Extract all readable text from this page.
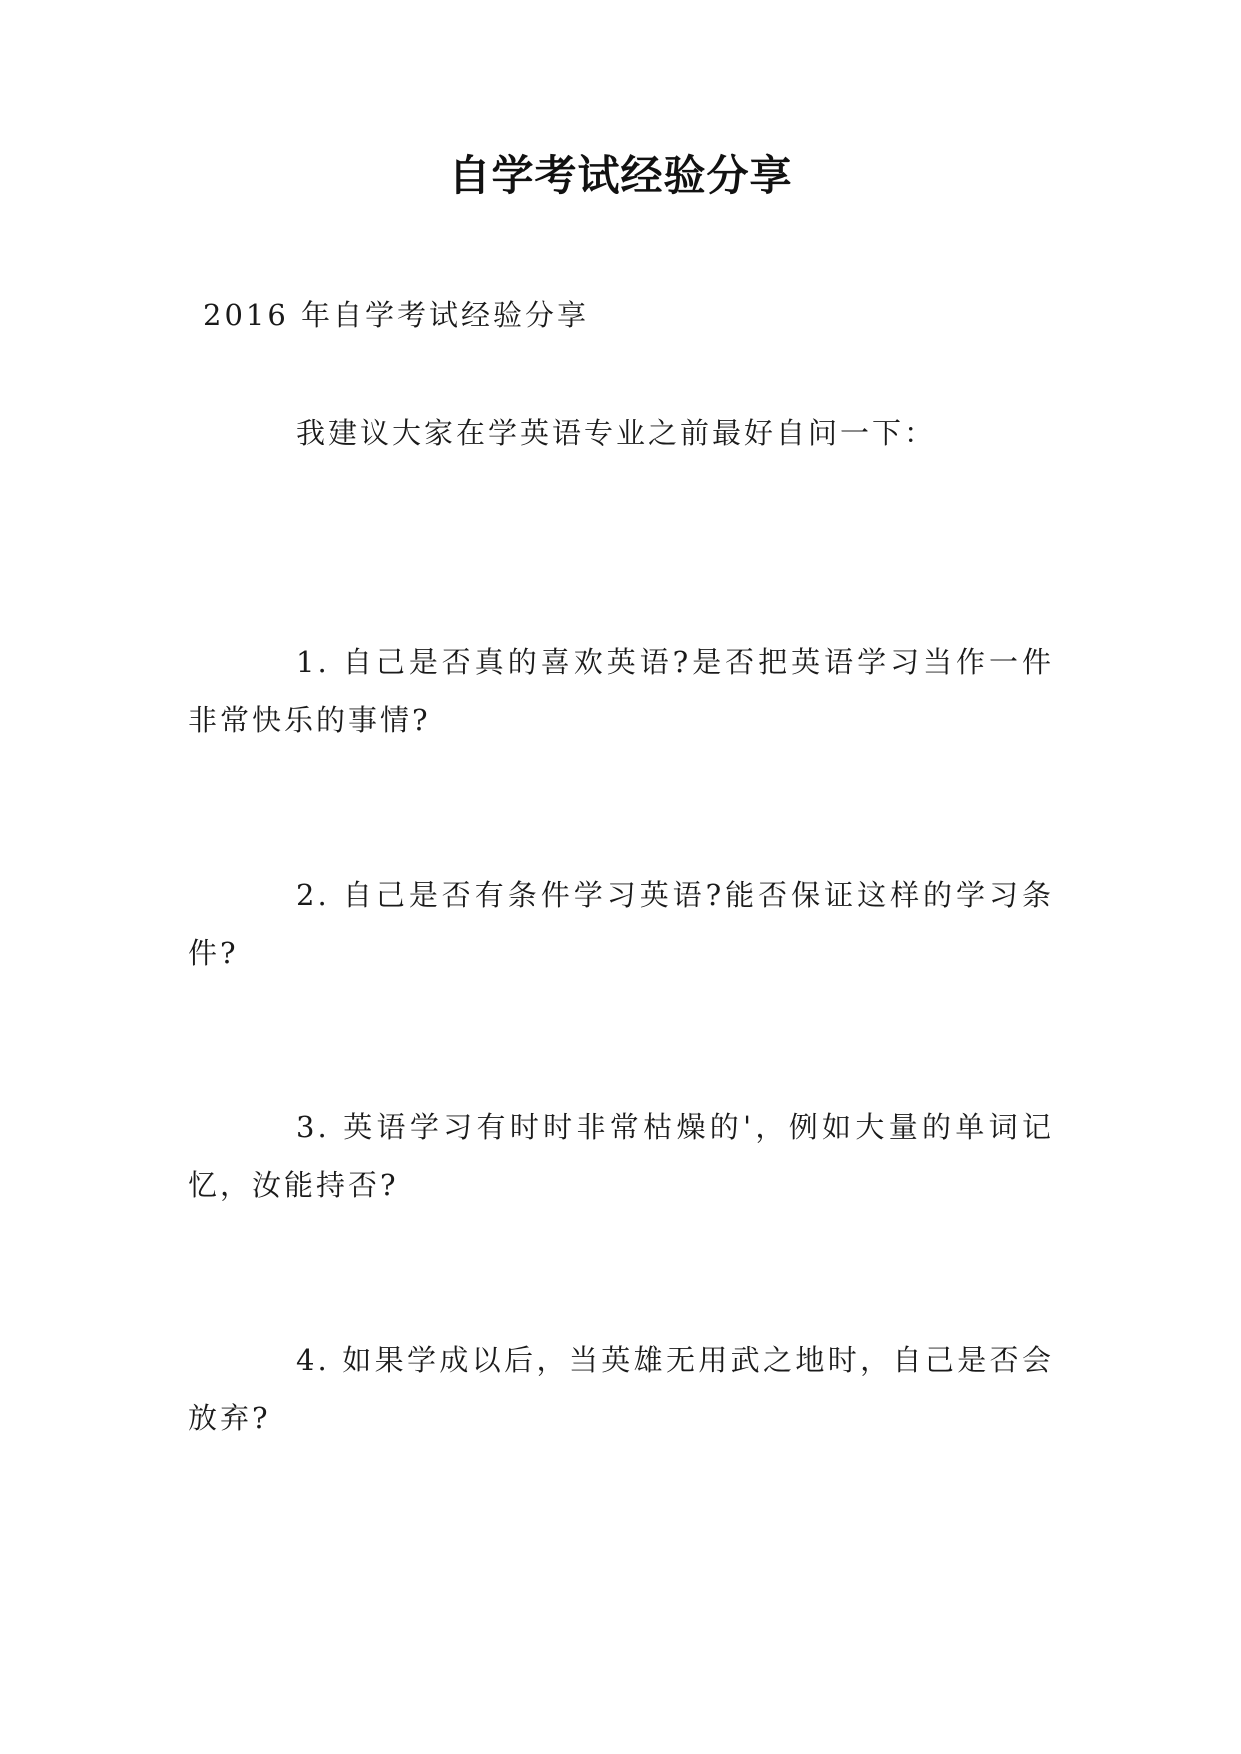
自学考试经验分享
2016 年自学考试经验分享
我建议大家在学英语专业之前最好自问一下：
1. 自己是否真的喜欢英语?是否把英语学习当作一件非常快乐的事情?
2. 自己是否有条件学习英语?能否保证这样的学习条件?
3. 英语学习有时时非常枯燥的'，例如大量的单词记忆，汝能持否?
4. 如果学成以后，当英雄无用武之地时，自己是否会放弃?
